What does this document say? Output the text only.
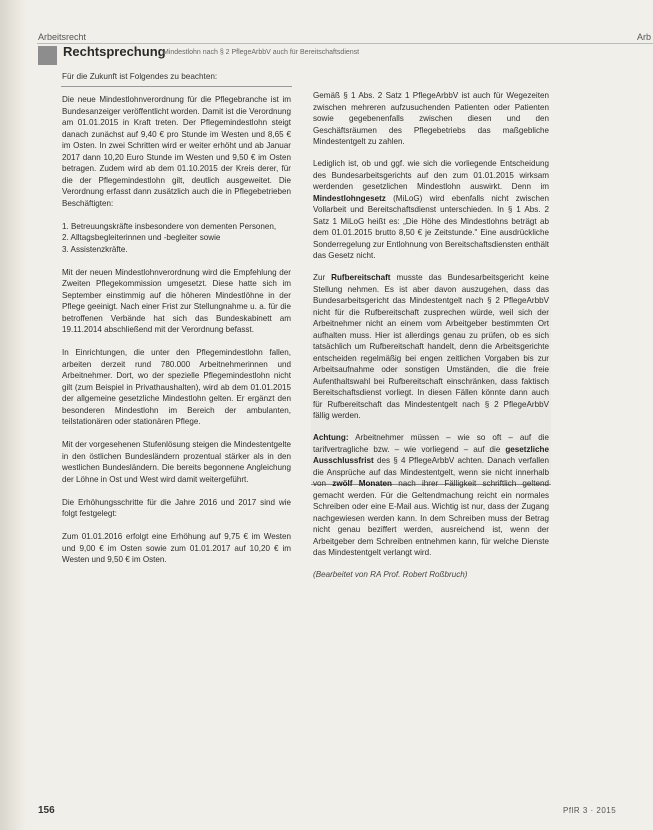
Arbeitsrecht	Arb
Rechtsprechung
Mindestlohn nach § 2 PflegeArbbV auch für Bereitschaftsdienst
Für die Zukunft ist Folgendes zu beachten:

Die neue Mindestlohnverordnung für die Pflegebranche ist im Bundesanzeiger veröffentlicht worden. Damit ist die Verordnung am 01.01.2015 in Kraft treten. Der Pflegemindestlohn steigt danach zunächst auf 9,40 € pro Stunde im Westen und 8,65 € im Osten. In zwei Schritten wird er weiter erhöht und ab Januar 2017 dann 10,20 Euro Stunde im Westen und 9,50 € im Osten betragen. Zudem wird ab dem 01.10.2015 der Kreis derer, für die der Pflegemindestlohn gilt, deutlich ausgeweitet. Die Verordnung erfasst dann zusätzlich auch die in Pflegebetrieben Beschäftigten:

1. Betreuungskräfte insbesondere von dementen Personen,
2. Alltagsbegleiterinnen und -begleiter sowie
3. Assistenzkräfte.

Mit der neuen Mindestlohnverordnung wird die Empfehlung der Zweiten Pflegekommission umgesetzt. Diese hatte sich im September einstimmig auf die höheren Mindestlöhne in der Pflege geeinigt. Nach einer Frist zur Stellungnahme u. a. für die betroffenen Verbände hat sich das Bundeskabinett am 19.11.2014 abschließend mit der Verordnung befasst.

In Einrichtungen, die unter den Pflegemindestlohn fallen, arbeiten derzeit rund 780.000 Arbeitnehmerinnen und Arbeitnehmer. Dort, wo der spezielle Pflegemindestlohn nicht gilt (zum Beispiel in Privathaushalten), wird ab dem 01.01.2015 der allgemeine gesetzliche Mindestlohn gelten. Er ergänzt den besonderen Mindestlohn im Bereich der ambulanten, teilstationären oder stationären Pflege.

Mit der vorgesehenen Stufenlösung steigen die Mindestentgelte in den östlichen Bundesländern prozentual stärker als in den westlichen Bundesländern. Die bereits begonnene Angleichung der Löhne in Ost und West wird damit weitergeführt.

Die Erhöhungsschritte für die Jahre 2016 und 2017 sind wie folgt festgelegt:

Zum 01.01.2016 erfolgt eine Erhöhung auf 9,75 € im Westen und 9,00 € im Osten sowie zum 01.01.2017 auf 10,20 € im Westen und 9,50 € im Osten.

Gemäß § 1 Abs. 2 Satz 1 PflegeArbbV ist auch für Wegezeiten zwischen mehreren aufzusuchenden Patienten oder Patienten sowie gegebenenfalls zwischen diesen und den Geschäftsräumen des Pflegebetriebs das maßgebliche Mindestentgelt zu zahlen.

Lediglich ist, ob und ggf. wie sich die vorliegende Entscheidung des Bundesarbeitsgerichts auf den zum 01.01.2015 wirksam werdenden gesetzlichen Mindestlohn auswirkt. Denn im Mindestlohngesetz (MiLoG) wird ebenfalls nicht zwischen Vollarbeit und Bereitschaftsdienst unterschieden. In § 1 Abs. 2 Satz 1 MiLoG heißt es: „Die Höhe des Mindestlohns beträgt ab dem 01.01.2015 brutto 8,50 € je Zeitstunde." Eine ausdrückliche Sonderregelung zur Entlohnung von Bereitschaftsdiensten enthält das Gesetz nicht.

Zur Rufbereitschaft musste das Bundesarbeitsgericht keine Stellung nehmen. Es ist aber davon auszugehen, dass das Bundesarbeitsgericht das Mindestentgelt nach § 2 PflegeArbbV nicht für die Rufbereitschaft zusprechen würde, weil sich der Arbeitnehmer nicht an einem vom Arbeitgeber bestimmten Ort aufhalten muss. Hier ist allerdings genau zu prüfen, ob es sich tatsächlich um Rufbereitschaft handelt, denn die Arbeitsgerichte entscheiden regelmäßig bei engen zeitlichen Vorgaben bis zur Arbeitsaufnahme oder sonstigen Umständen, die die freie Aufenthaltswahl bei Rufbereitschaft einschränken, dass faktisch Bereitschaftsdienst vorliegt. In diesen Fällen könnte dann auch für Rufbereitschaft das Mindestentgelt nach § 2 PflegeArbbV fällig werden.

Achtung: Arbeitnehmer müssen – wie so oft – auf die tarifvertragliche bzw. – wie vorliegend – auf die gesetzliche Ausschlussfrist des § 4 PflegeArbbV achten. Danach verfallen die Ansprüche auf das Mindestentgelt, wenn sie nicht innerhalb von zwölf Monaten nach ihrer Fälligkeit schriftlich geltend gemacht werden. Für die Geltendmachung reicht ein normales Schreiben oder eine E-Mail aus. Wichtig ist nur, dass der Zugang nachgewiesen werden kann. In dem Schreiben muss der Betrag nicht genau beziffert werden, ausreichend ist, wenn der Arbeitgeber dem Schreiben entnehmen kann, für welche Dienste das Mindestentgelt verlangt wird.

(Bearbeitet von RA Prof. Robert Roßbruch)

156	PflR 3 · 2015
